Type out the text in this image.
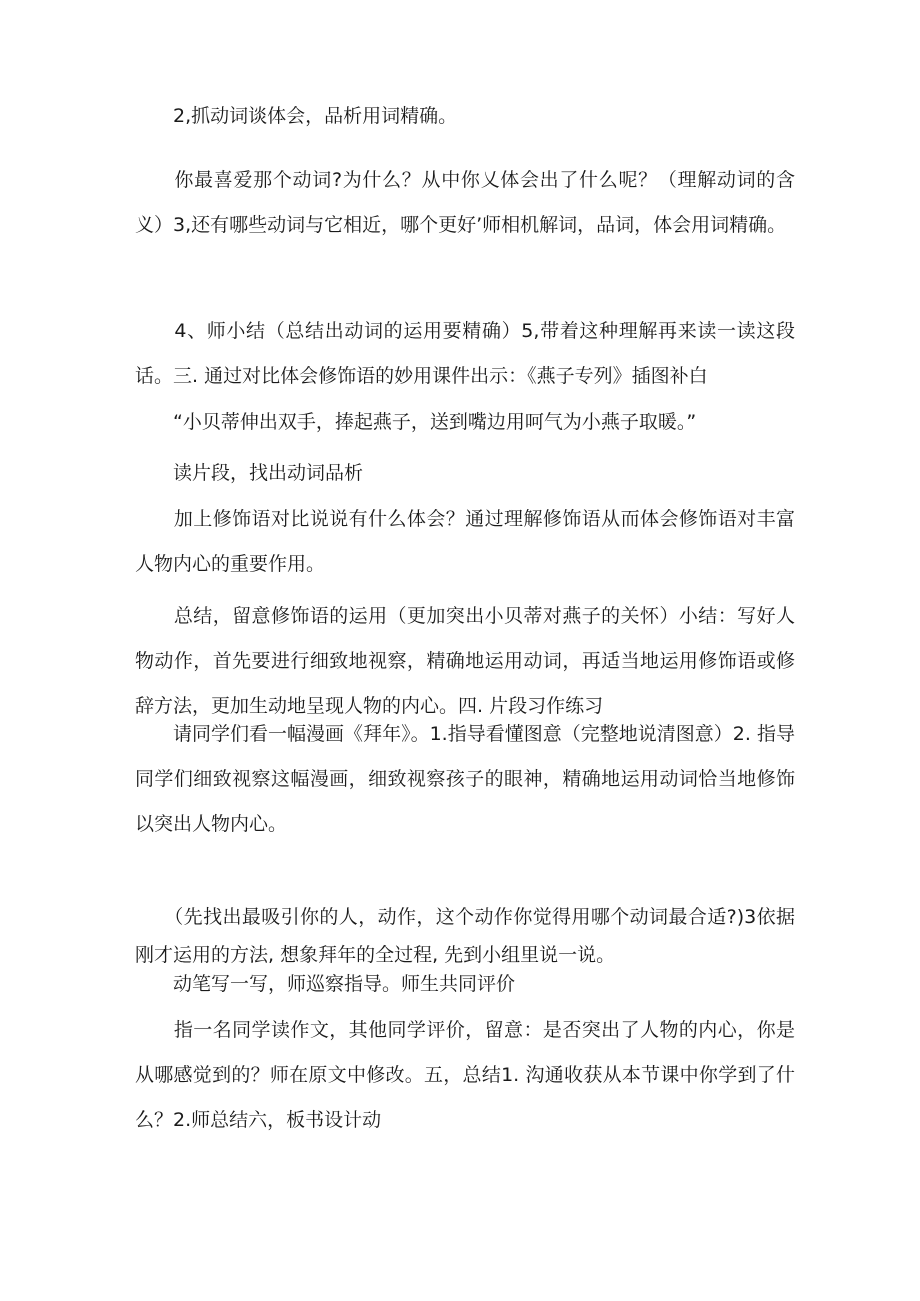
　　2,抓动词谈体会，品析用词精确。

　　你最喜爱那个动词?为什么？从中你乂体会出了什么呢？（理解动词的含义）3,还有哪些动词与它相近，哪个更好’师相机解词，品词，体会用词精确。

　　4、师小结（总结出动词的运用要精确）5,带着这种理解再来读一读这段话。三. 通过对比体会修饰语的妙用课件出示：《燕子专列》插图补白

　　“小贝蒂伸出双手，捧起燕子，送到嘴边用呵气为小燕子取暖。”

　　读片段，找出动词品析

　　加上修饰语对比说说有什么体会？通过理解修饰语从而体会修饰语对丰富人物内心的重要作用。

　　总结，留意修饰语的运用（更加突出小贝蒂对燕子的关怀）小结：写好人物动作，首先要进行细致地视察，精确地运用动词，再适当地运用修饰语或修辞方法，更加生动地呈现人物的内心。四. 片段习作练习

　　请同学们看一幅漫画《拜年》。1.指导看懂图意（完整地说清图意）2. 指导同学们细致视察这幅漫画，细致视察孩子的眼神，精确地运用动词恰当地修饰以突出人物内心。

　　（先找出最吸引你的人，动作，这个动作你觉得用哪个动词最合适?)3依据刚才运用的方法, 想象拜年的全过程, 先到小组里说一说。

　　动笔写一写，师巡察指导。师生共同评价

　　指一名同学读作文，其他同学评价，留意：是否突出了人物的内心，你是从哪感觉到的？师在原文中修改。五，总结1. 沟通收获从本节课中你学到了什么？2.师总结六，板书设计动
